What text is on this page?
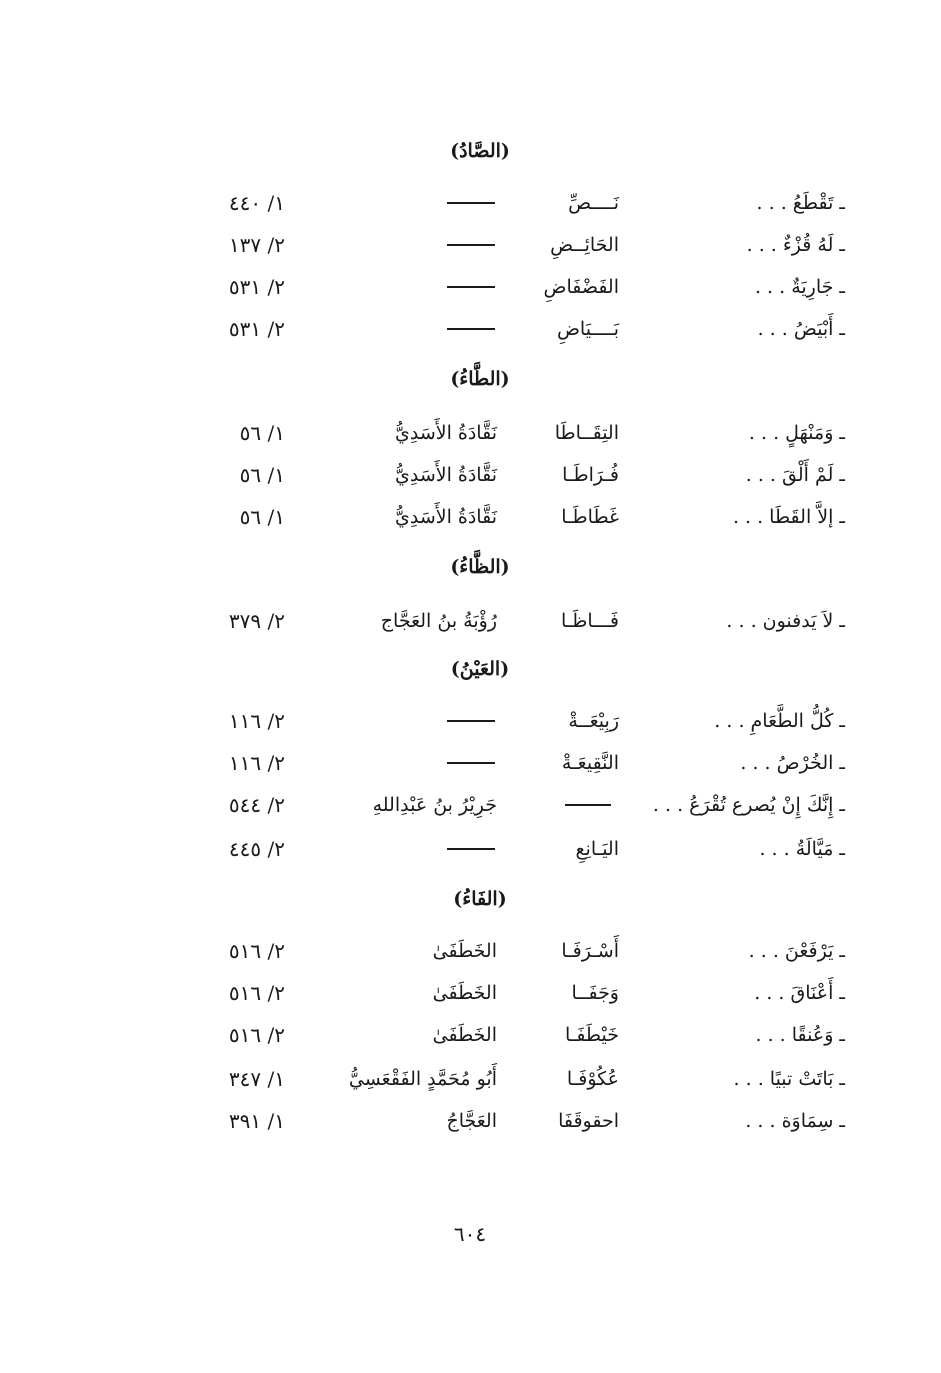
(الصَّادُ)
ـ تَقْطَعُ . . .
نَــــصِّ
١/ ٤٤٠
ـ لَهُ قُزْءٌ . . .
الحَائِــضِ
٢/ ١٣٧
ـ جَارِيَةٌ . . .
الفَضْفَاضِ
٢/ ٥٣١
ـ أَبْيَضُ . . .
بَــــيَاضِ
٢/ ٥٣١
(الطَّاءُ)
ـ وَمَنْهَلٍ . . .
التِقَــاطَا
نَقَّادَةُ الأَسَدِيُّ
١/ ٥٦
ـ لَمْ أَلْقَ . . .
فُـرَاطَـا
نَقَّادَةُ الأَسَدِيُّ
١/ ٥٦
ـ إلاَّ القَطَا . . .
غَطَاطَـا
نَقَّادَةُ الأَسَدِيُّ
١/ ٥٦
(الظَّاءُ)
ـ لاَ يَدفنون . . .
فَـــاظَـا
رُؤْبَةُ بنُ العَجَّاج
٢/ ٣٧٩
(العَيْنُ)
ـ كُلُّ الطَّعَامِ . . .
رَبِيْعَــةْ
٢/ ١١٦
ـ الخُرْصُ . . .
النَّقِيعَـةْ
٢/ ١١٦
ـ إِنَّكَ إِنْ يُصرع تُقْرَعُ . . .
جَرِيْرُ بنُ عَبْدِاللهِ
٢/ ٥٤٤
ـ مَيَّالَةُ . . .
اليَـانِعِ
٢/ ٤٤٥
(الفَاءُ)
ـ يَرْفَعْنَ . . .
أَسْـرَفَـا
الخَطَفَىٰ
٢/ ٥١٦
ـ أَعْنَاقَ . . .
وَجَفَــا
الخَطَفَىٰ
٢/ ٥١٦
ـ وَعُنقًا . . .
خَيْطَفَـا
الخَطَفَىٰ
٢/ ٥١٦
ـ بَاتَتْ تبيًا . . .
عُكُوْفَـا
أَبُو مُحَمَّدٍ الفَقْعَسِيُّ
١/ ٣٤٧
ـ سِمَاوَة . . .
احقوقَفَا
العَجَّاجُ
١/ ٣٩١
٦٠٤
